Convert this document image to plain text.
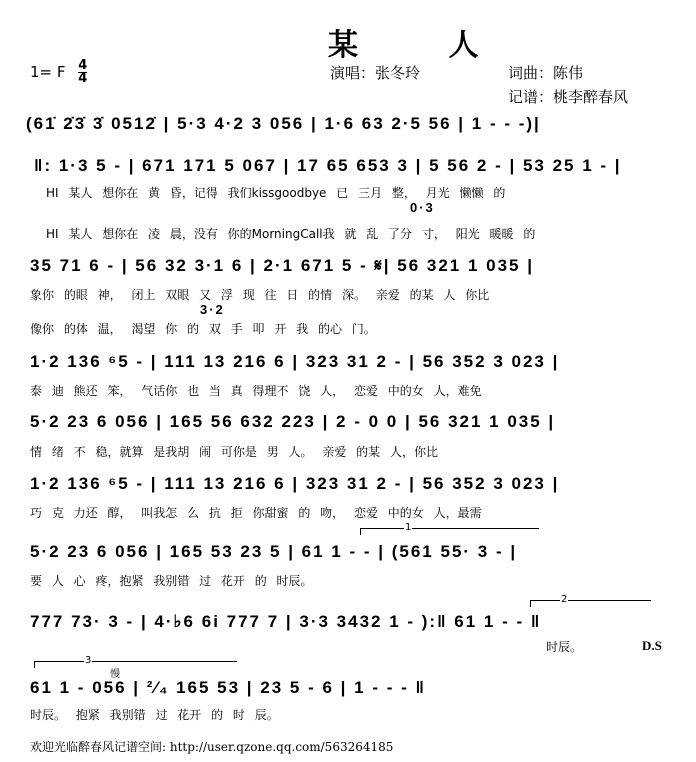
某 人
1= F $\frac{4}{4}$	演唱：张冬玲	词曲：陈伟
记谱：桃李醉春风
(61̇ 2̇3̇ 3̇ 0512̇ | 5·3 4·2 3 056 | 1·6 63 2·5 56 | 1 - - -)|
‖: 1·3 5 - | 671 171 5 067 | 17 65 653 3 | 5 56 2 - | 53 25 1 - |
HI 某人 想你在 黄 昏，记得 我们kissgoodbye 已 三月 整， 月光 懒懒 的
0·3
HI 某人 想你在 凌 晨，没有 你的MorningCall我 就 乱 了分 寸， 阳光 暖暖 的
35 71 6 - | 56 32 3·1 6 | 2·1 671 5 - 𝄋| 56 321 1 035 |
象你 的眼 神， 闭上 双眼 又 浮 现 往 日 的情 深。 亲爱 的某 人 你比
3·2
像你 的体 温， 渴望 你 的 双 手 叩 开 我 的心 门。
1·2 136 ⁶5 - | 111 13 216 6 | 323 31 2 - | 56 352 3 023 |
泰 迪 熊还 笨， 气话你 也 当 真 得理不 饶 人， 恋爱 中的女 人，难免
5·2 23 6 056 | 165 56 632 223 | 2 - 0 0 | 56 321 1 035 |
情 绪 不 稳，就算 是我胡 闹 可你是 男 人。 亲爱 的某 人，你比
1·2 136 ⁶5 - | 111 13 216 6 | 323 31 2 - | 56 352 3 023 |
巧 克 力还 醇， 叫我怎 么 抗 拒 你甜蜜 的 吻， 恋爱 中的女 人，最需
1
5·2 23 6 056 | 165 53 23 5 | 61 1 - - | (561 55· 3 - |
要 人 心 疼，抱紧 我别错 过 花开 的 时辰。
2
777 73· 3 - | 4·♭6 6i 777 7 | 3·3 3432 1 - ):‖ 61 1 - - ‖
时辰。	D.S
3
慢
61 1 - 056 | ²⁄₄ 165 53 | 23 5 - 6 | 1 - - - ‖
时辰。 抱紧 我别错 过 花开 的 时 辰。
欢迎光临醉春风记谱空间: http://user.qzone.qq.com/563264185
